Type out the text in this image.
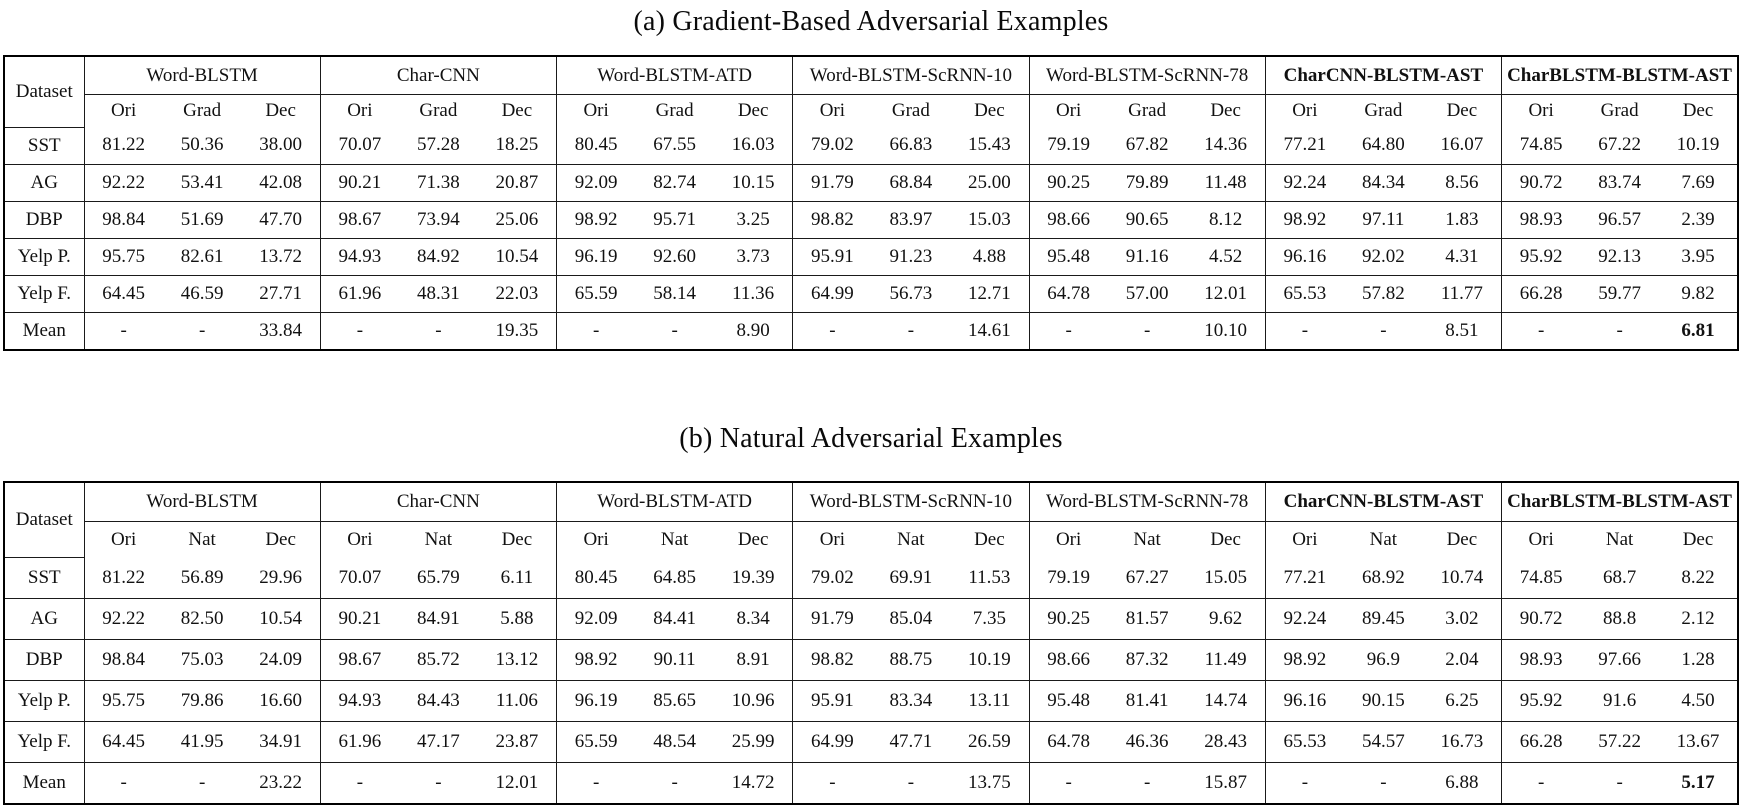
(a) Gradient-Based Adversarial Examples
Dataset	Word-BLSTM			Char-CNN			Word-BLSTM-ATD			Word-BLSTM-ScRNN-10			Word-BLSTM-ScRNN-78			CharCNN-BLSTM-AST			CharBLSTM-BLSTM-AST		
	Ori	Grad	Dec	Ori	Grad	Dec	Ori	Grad	Dec	Ori	Grad	Dec	Ori	Grad	Dec	Ori	Grad	Dec	Ori	Grad	Dec
SST	81.22	50.36	38.00	70.07	57.28	18.25	80.45	67.55	16.03	79.02	66.83	15.43	79.19	67.82	14.36	77.21	64.80	16.07	74.85	67.22	10.19
AG	92.22	53.41	42.08	90.21	71.38	20.87	92.09	82.74	10.15	91.79	68.84	25.00	90.25	79.89	11.48	92.24	84.34	8.56	90.72	83.74	7.69
DBP	98.84	51.69	47.70	98.67	73.94	25.06	98.92	95.71	3.25	98.82	83.97	15.03	98.66	90.65	8.12	98.92	97.11	1.83	98.93	96.57	2.39
Yelp P.	95.75	82.61	13.72	94.93	84.92	10.54	96.19	92.60	3.73	95.91	91.23	4.88	95.48	91.16	4.52	96.16	92.02	4.31	95.92	92.13	3.95
Yelp F.	64.45	46.59	27.71	61.96	48.31	22.03	65.59	58.14	11.36	64.99	56.73	12.71	64.78	57.00	12.01	65.53	57.82	11.77	66.28	59.77	9.82
Mean	-	-	33.84	-	-	19.35	-	-	8.90	-	-	14.61	-	-	10.10	-	-	8.51	-	-	6.81
(b) Natural Adversarial Examples
Dataset	Word-BLSTM			Char-CNN			Word-BLSTM-ATD			Word-BLSTM-ScRNN-10			Word-BLSTM-ScRNN-78			CharCNN-BLSTM-AST			CharBLSTM-BLSTM-AST		
	Ori	Nat	Dec	Ori	Nat	Dec	Ori	Nat	Dec	Ori	Nat	Dec	Ori	Nat	Dec	Ori	Nat	Dec	Ori	Nat	Dec
SST	81.22	56.89	29.96	70.07	65.79	6.11	80.45	64.85	19.39	79.02	69.91	11.53	79.19	67.27	15.05	77.21	68.92	10.74	74.85	68.7	8.22
AG	92.22	82.50	10.54	90.21	84.91	5.88	92.09	84.41	8.34	91.79	85.04	7.35	90.25	81.57	9.62	92.24	89.45	3.02	90.72	88.8	2.12
DBP	98.84	75.03	24.09	98.67	85.72	13.12	98.92	90.11	8.91	98.82	88.75	10.19	98.66	87.32	11.49	98.92	96.9	2.04	98.93	97.66	1.28
Yelp P.	95.75	79.86	16.60	94.93	84.43	11.06	96.19	85.65	10.96	95.91	83.34	13.11	95.48	81.41	14.74	96.16	90.15	6.25	95.92	91.6	4.50
Yelp F.	64.45	41.95	34.91	61.96	47.17	23.87	65.59	48.54	25.99	64.99	47.71	26.59	64.78	46.36	28.43	65.53	54.57	16.73	66.28	57.22	13.67
Mean	-	-	23.22	-	-	12.01	-	-	14.72	-	-	13.75	-	-	15.87	-	-	6.88	-	-	5.17
